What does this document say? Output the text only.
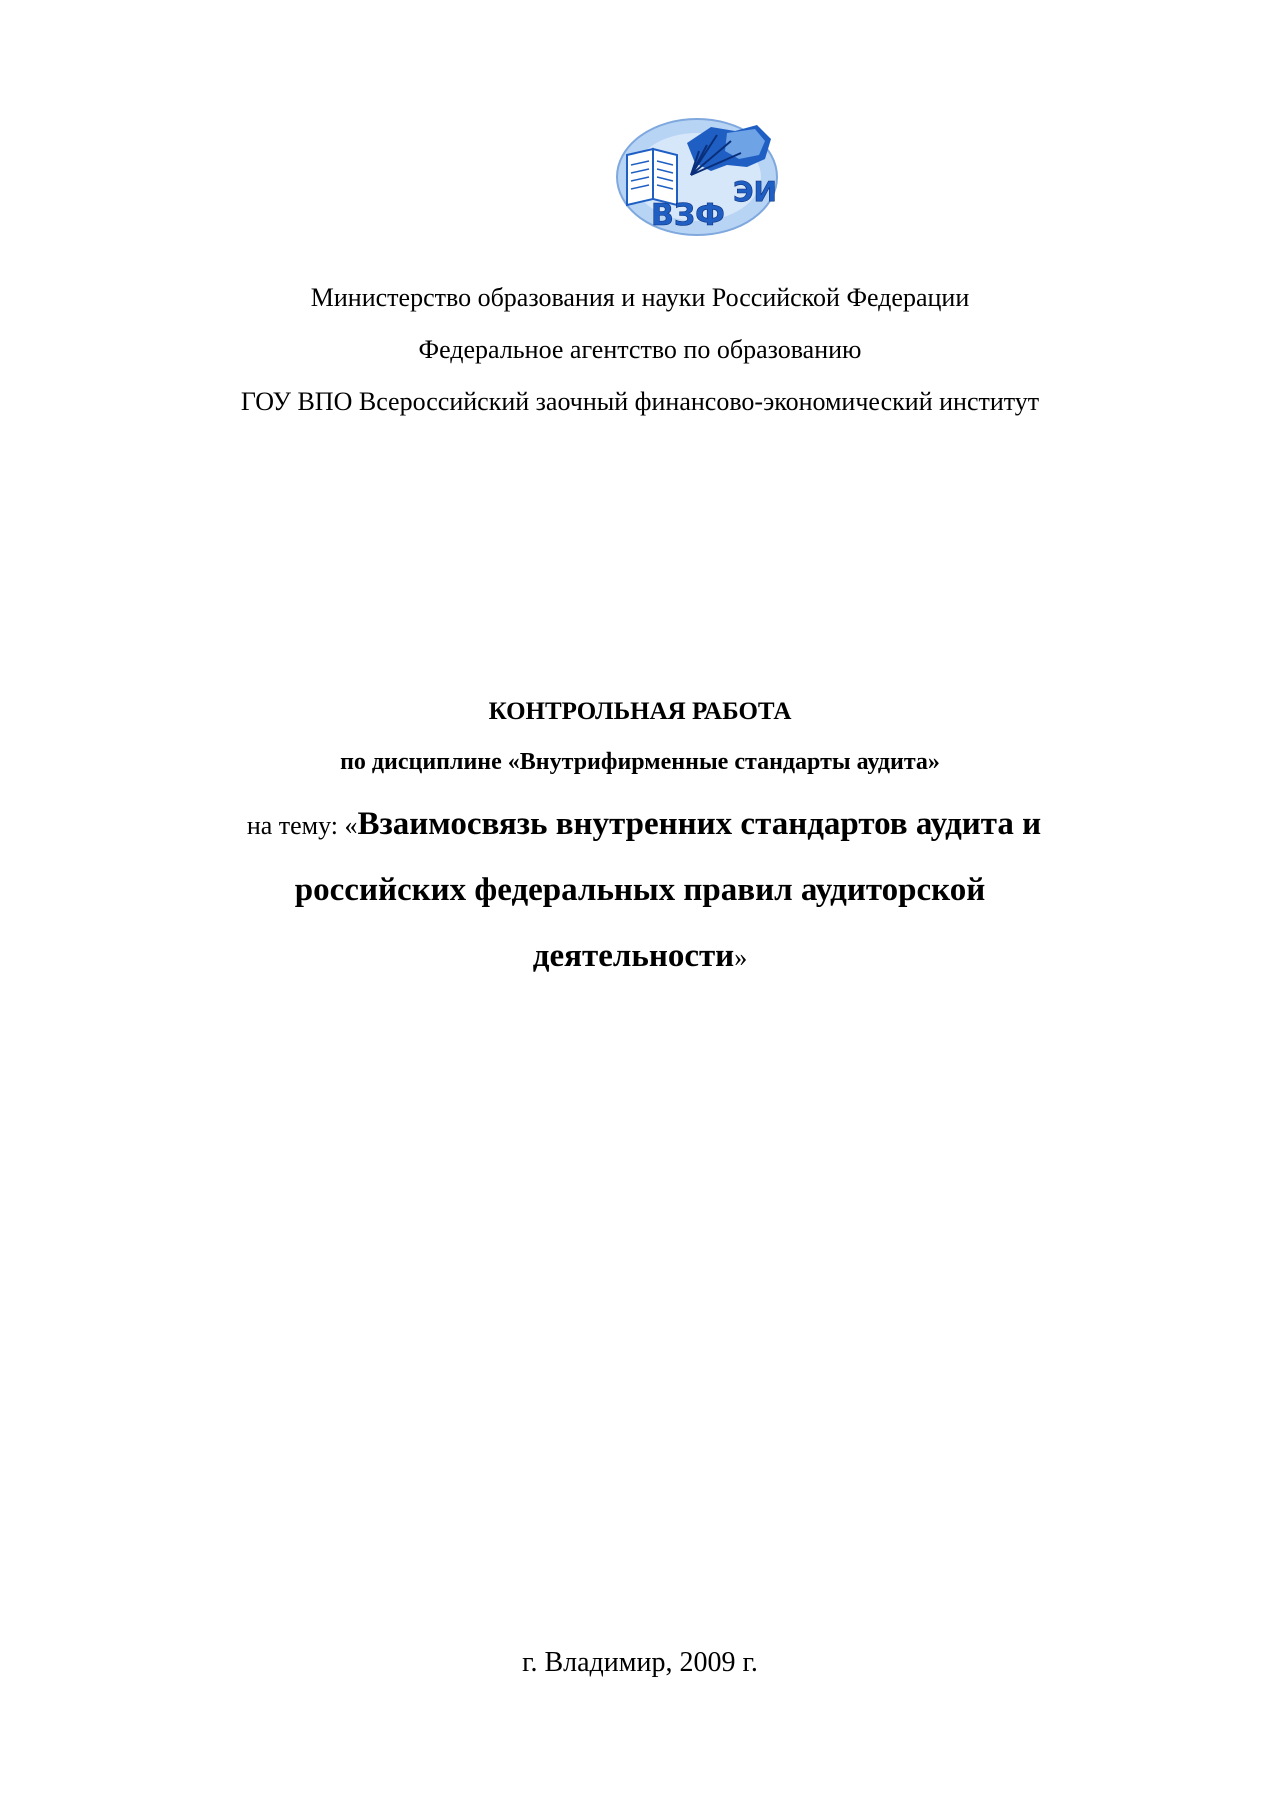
ВЗФ
ЭИ
Министерство образования и науки Российской Федерации
Федеральное агентство по образованию
ГОУ ВПО Всероссийский заочный финансово-экономический институт
КОНТРОЛЬНАЯ РАБОТА
по дисциплине «Внутрифирменные стандарты аудита»
на тему: «Взаимосвязь внутренних стандартов аудита и
российских федеральных правил аудиторской
деятельности»
г. Владимир, 2009 г.
